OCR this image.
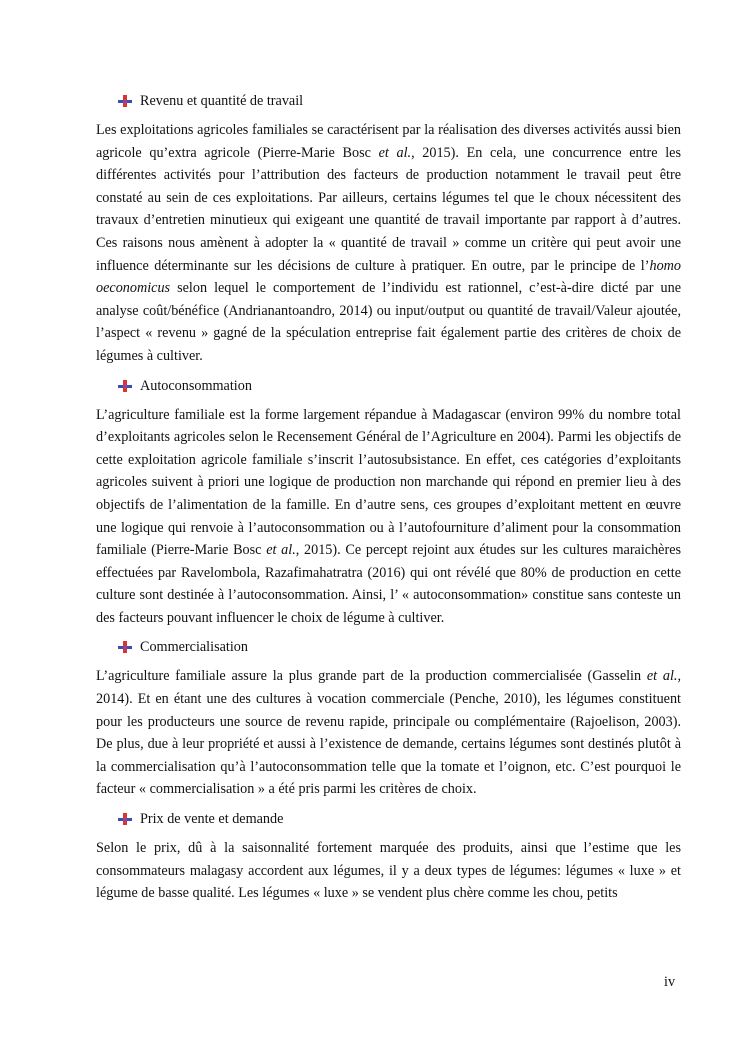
Revenu et quantité de travail

Les exploitations agricoles familiales se caractérisent par la réalisation des diverses activités aussi bien agricole qu’extra agricole (Pierre-Marie Bosc et al., 2015). En cela, une concurrence entre les différentes activités pour l’attribution des facteurs de production notamment le travail peut être constaté au sein de ces exploitations. Par ailleurs, certains légumes tel que le choux nécessitent des travaux d’entretien minutieux qui exigeant une quantité de travail importante par rapport à d’autres. Ces raisons nous amènent à adopter la « quantité de travail » comme un critère qui peut avoir une influence déterminante sur les décisions de culture à pratiquer. En outre, par le principe de l’homo oeconomicus selon lequel le comportement de l’individu est rationnel, c’est-à-dire dicté par une analyse coût/bénéfice (Andrianantoandro, 2014) ou input/output ou quantité de travail/Valeur ajoutée, l’aspect « revenu » gagné de la spéculation entreprise fait également partie des critères de choix de légumes à cultiver.

Autoconsommation

L’agriculture familiale est la forme largement répandue à Madagascar (environ 99% du nombre total d’exploitants agricoles selon le Recensement Général de l’Agriculture en 2004). Parmi les objectifs de cette exploitation agricole familiale s’inscrit l’autosubsistance. En effet, ces catégories d’exploitants agricoles suivent à priori une logique de production non marchande qui répond en premier lieu à des objectifs de l’alimentation de la famille. En d’autre sens, ces groupes d’exploitant mettent en œuvre une logique qui renvoie à l’autoconsommation ou à l’autofourniture d’aliment pour la consommation familiale (Pierre-Marie Bosc et al., 2015). Ce percept rejoint aux études sur les cultures maraichères effectuées par Ravelombola, Razafimahatratra (2016) qui ont révélé que 80% de production en cette culture sont destinée à l’autoconsommation. Ainsi, l’ « autoconsommation» constitue sans conteste un des facteurs pouvant influencer le choix de légume à cultiver.

Commercialisation

L’agriculture familiale assure la plus grande part de la production commercialisée (Gasselin et al., 2014). Et en étant une des cultures à vocation commerciale (Penche, 2010), les légumes constituent pour les producteurs une source de revenu rapide, principale ou complémentaire (Rajoelison, 2003). De plus, due à leur propriété et aussi à l’existence de demande, certains légumes sont destinés plutôt à la commercialisation qu’à l’autoconsommation telle que la tomate et l’oignon, etc. C’est pourquoi le facteur « commercialisation » a été pris parmi les critères de choix.

Prix de vente et demande

Selon le prix, dû à la saisonnalité fortement marquée des produits, ainsi que l’estime que les consommateurs malagasy accordent aux légumes, il y a deux types de légumes: légumes « luxe » et légume de basse qualité. Les légumes « luxe » se vendent plus chère comme les chou, petits

iv
